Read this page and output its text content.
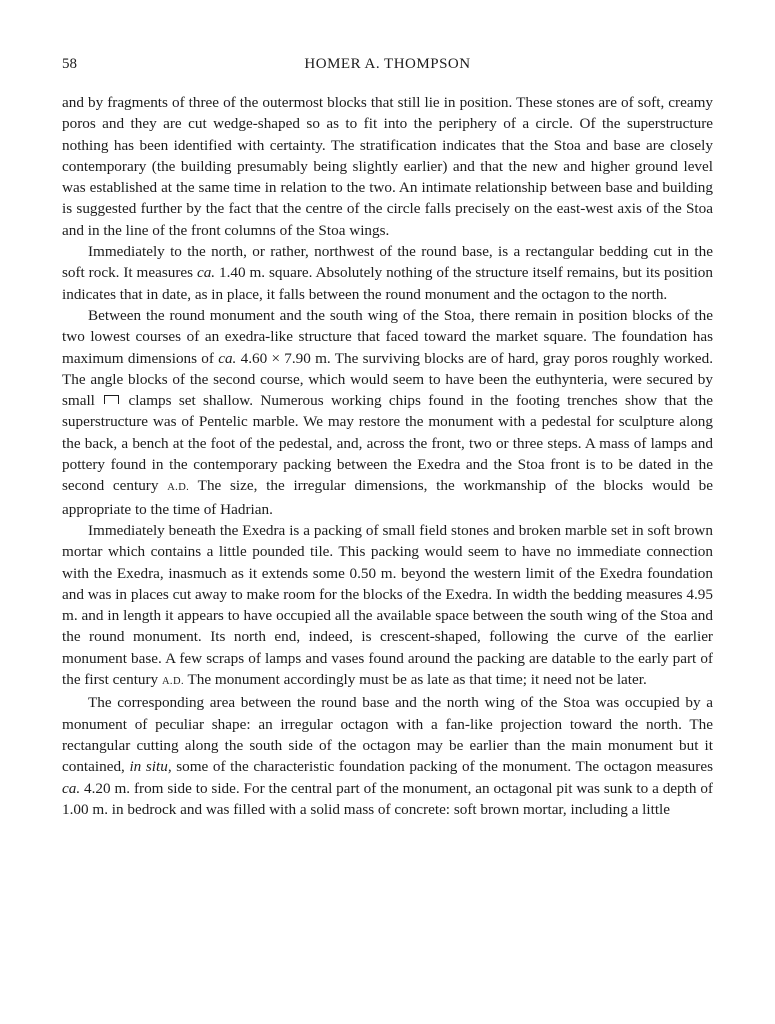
58	HOMER A. THOMPSON

and by fragments of three of the outermost blocks that still lie in position. These stones are of soft, creamy poros and they are cut wedge-shaped so as to fit into the periphery of a circle. Of the superstructure nothing has been identified with certainty. The stratification indicates that the Stoa and base are closely contemporary (the building presumably being slightly earlier) and that the new and higher ground level was established at the same time in relation to the two. An intimate relationship between base and building is suggested further by the fact that the centre of the circle falls precisely on the east-west axis of the Stoa and in the line of the front columns of the Stoa wings.

Immediately to the north, or rather, northwest of the round base, is a rectangular bedding cut in the soft rock. It measures ca. 1.40 m. square. Absolutely nothing of the structure itself remains, but its position indicates that in date, as in place, it falls between the round monument and the octagon to the north.

Between the round monument and the south wing of the Stoa, there remain in position blocks of the two lowest courses of an exedra-like structure that faced toward the market square. The foundation has maximum dimensions of ca. 4.60 × 7.90 m. The surviving blocks are of hard, gray poros roughly worked. The angle blocks of the second course, which would seem to have been the euthynteria, were secured by small clamps set shallow. Numerous working chips found in the footing trenches show that the superstructure was of Pentelic marble. We may restore the monument with a pedestal for sculpture along the back, a bench at the foot of the pedestal, and, across the front, two or three steps. A mass of lamps and pottery found in the contemporary packing between the Exedra and the Stoa front is to be dated in the second century A.D. The size, the irregular dimensions, the workmanship of the blocks would be appropriate to the time of Hadrian.

Immediately beneath the Exedra is a packing of small field stones and broken marble set in soft brown mortar which contains a little pounded tile. This packing would seem to have no immediate connection with the Exedra, inasmuch as it extends some 0.50 m. beyond the western limit of the Exedra foundation and was in places cut away to make room for the blocks of the Exedra. In width the bedding measures 4.95 m. and in length it appears to have occupied all the available space between the south wing of the Stoa and the round monument. Its north end, indeed, is crescent-shaped, following the curve of the earlier monument base. A few scraps of lamps and vases found around the packing are datable to the early part of the first century A.D. The monument accordingly must be as late as that time; it need not be later.

The corresponding area between the round base and the north wing of the Stoa was occupied by a monument of peculiar shape: an irregular octagon with a fan-like projection toward the north. The rectangular cutting along the south side of the octagon may be earlier than the main monument but it contained, in situ, some of the characteristic foundation packing of the monument. The octagon measures ca. 4.20 m. from side to side. For the central part of the monument, an octagonal pit was sunk to a depth of 1.00 m. in bedrock and was filled with a solid mass of concrete: soft brown mortar, including a little
